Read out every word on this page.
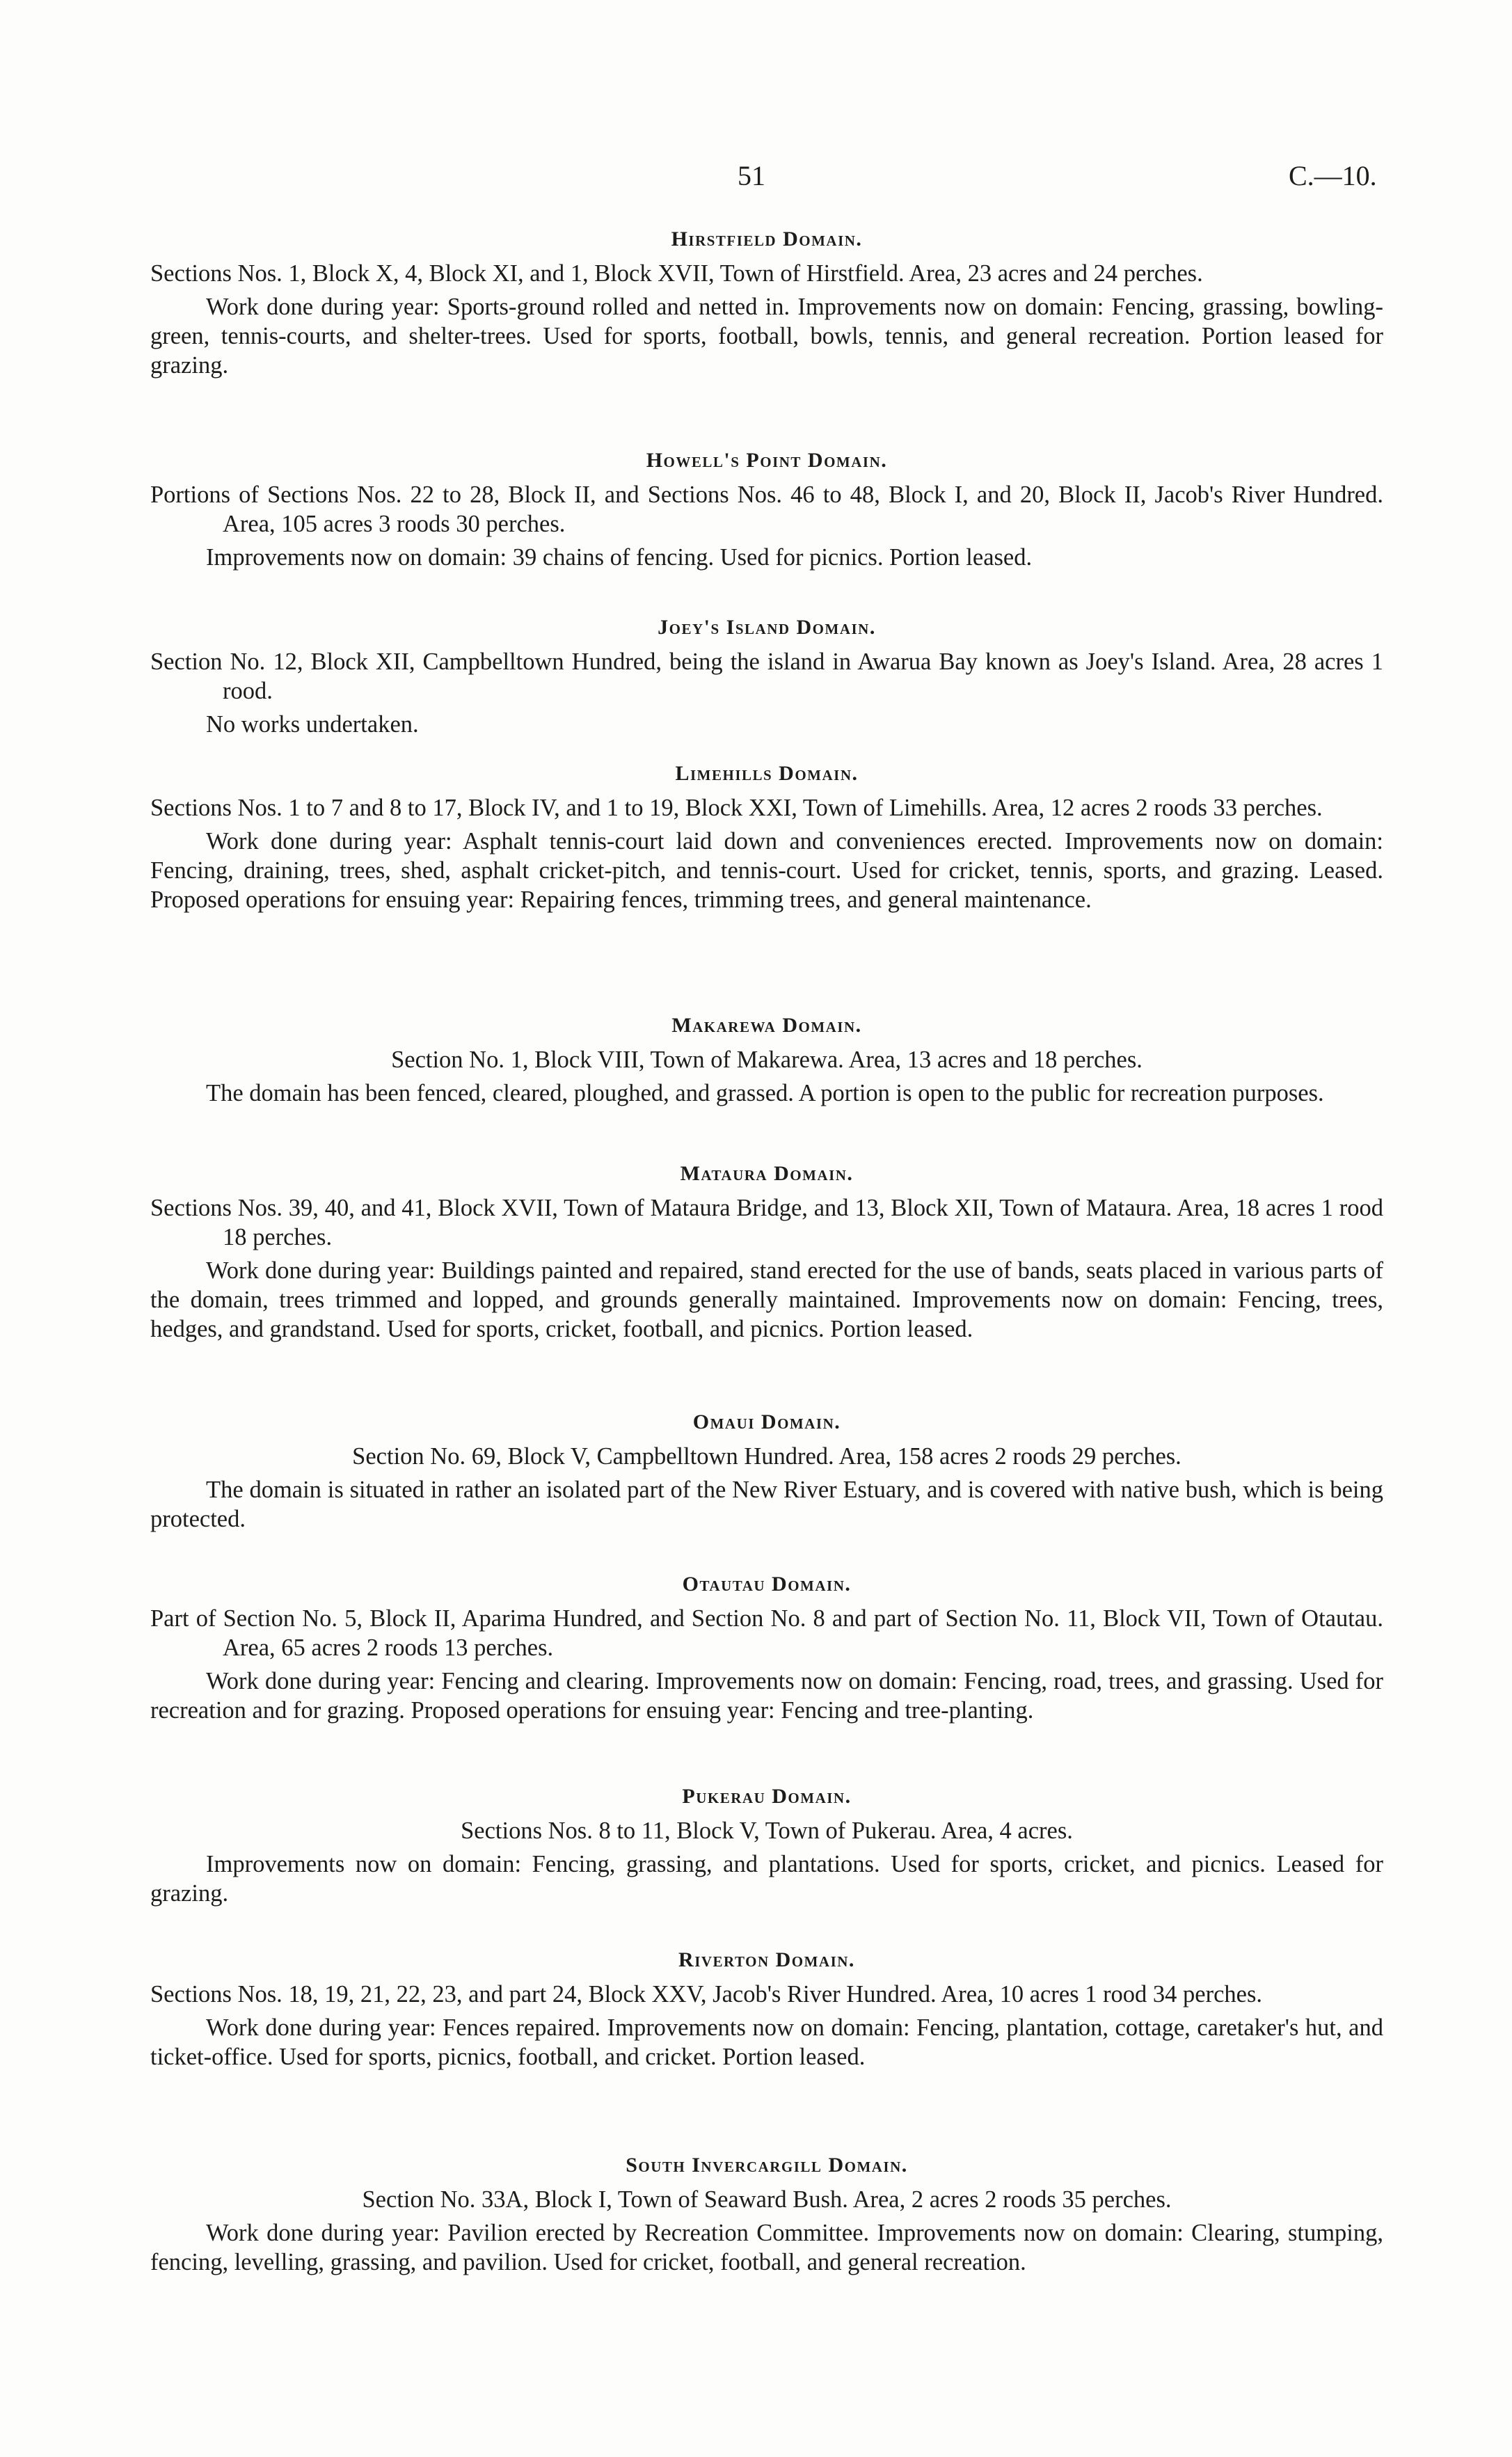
51	C.—10.
Hirstfield Domain.

Sections Nos. 1, Block X, 4, Block XI, and 1, Block XVII, Town of Hirstfield. Area, 23 acres and 24 perches.

Work done during year: Sports-ground rolled and netted in. Improvements now on domain: Fencing, grassing, bowling-green, tennis-courts, and shelter-trees. Used for sports, football, bowls, tennis, and general recreation. Portion leased for grazing.

Howell's Point Domain.

Portions of Sections Nos. 22 to 28, Block II, and Sections Nos. 46 to 48, Block I, and 20, Block II, Jacob's River Hundred. Area, 105 acres 3 roods 30 perches.

Improvements now on domain: 39 chains of fencing. Used for picnics. Portion leased.

Joey's Island Domain.

Section No. 12, Block XII, Campbelltown Hundred, being the island in Awarua Bay known as Joey's Island. Area, 28 acres 1 rood.

No works undertaken.

Limehills Domain.

Sections Nos. 1 to 7 and 8 to 17, Block IV, and 1 to 19, Block XXI, Town of Limehills. Area, 12 acres 2 roods 33 perches.

Work done during year: Asphalt tennis-court laid down and conveniences erected. Improvements now on domain: Fencing, draining, trees, shed, asphalt cricket-pitch, and tennis-court. Used for cricket, tennis, sports, and grazing. Leased. Proposed operations for ensuing year: Repairing fences, trimming trees, and general maintenance.

Makarewa Domain.

Section No. 1, Block VIII, Town of Makarewa. Area, 13 acres and 18 perches.

The domain has been fenced, cleared, ploughed, and grassed. A portion is open to the public for recreation purposes.

Mataura Domain.

Sections Nos. 39, 40, and 41, Block XVII, Town of Mataura Bridge, and 13, Block XII, Town of Mataura. Area, 18 acres 1 rood 18 perches.

Work done during year: Buildings painted and repaired, stand erected for the use of bands, seats placed in various parts of the domain, trees trimmed and lopped, and grounds generally maintained. Improvements now on domain: Fencing, trees, hedges, and grandstand. Used for sports, cricket, football, and picnics. Portion leased.

Omaui Domain.

Section No. 69, Block V, Campbelltown Hundred. Area, 158 acres 2 roods 29 perches.

The domain is situated in rather an isolated part of the New River Estuary, and is covered with native bush, which is being protected.

Otautau Domain.

Part of Section No. 5, Block II, Aparima Hundred, and Section No. 8 and part of Section No. 11, Block VII, Town of Otautau. Area, 65 acres 2 roods 13 perches.

Work done during year: Fencing and clearing. Improvements now on domain: Fencing, road, trees, and grassing. Used for recreation and for grazing. Proposed operations for ensuing year: Fencing and tree-planting.

Pukerau Domain.

Sections Nos. 8 to 11, Block V, Town of Pukerau. Area, 4 acres.

Improvements now on domain: Fencing, grassing, and plantations. Used for sports, cricket, and picnics. Leased for grazing.

Riverton Domain.

Sections Nos. 18, 19, 21, 22, 23, and part 24, Block XXV, Jacob's River Hundred. Area, 10 acres 1 rood 34 perches.

Work done during year: Fences repaired. Improvements now on domain: Fencing, plantation, cottage, caretaker's hut, and ticket-office. Used for sports, picnics, football, and cricket. Portion leased.

South Invercargill Domain.

Section No. 33A, Block I, Town of Seaward Bush. Area, 2 acres 2 roods 35 perches.

Work done during year: Pavilion erected by Recreation Committee. Improvements now on domain: Clearing, stumping, fencing, levelling, grassing, and pavilion. Used for cricket, football, and general recreation.
